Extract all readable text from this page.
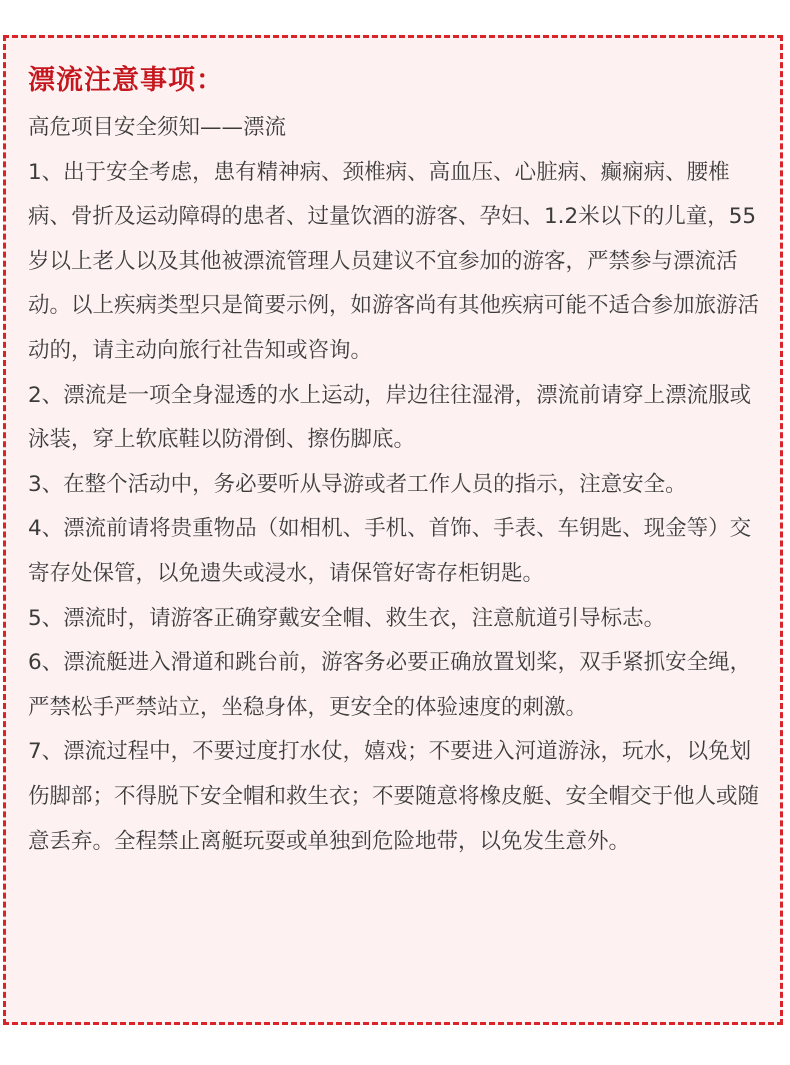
漂流注意事项：

高危项目安全须知——漂流

1、出于安全考虑，患有精神病、颈椎病、高血压、心脏病、癫痫病、腰椎病、骨折及运动障碍的患者、过量饮酒的游客、孕妇、1.2米以下的儿童，55岁以上老人以及其他被漂流管理人员建议不宜参加的游客，严禁参与漂流活动。以上疾病类型只是简要示例，如游客尚有其他疾病可能不适合参加旅游活动的，请主动向旅行社告知或咨询。

2、漂流是一项全身湿透的水上运动，岸边往往湿滑，漂流前请穿上漂流服或泳装，穿上软底鞋以防滑倒、擦伤脚底。

3、在整个活动中，务必要听从导游或者工作人员的指示，注意安全。

4、漂流前请将贵重物品（如相机、手机、首饰、手表、车钥匙、现金等）交寄存处保管，以免遗失或浸水，请保管好寄存柜钥匙。

5、漂流时，请游客正确穿戴安全帽、救生衣，注意航道引导标志。

6、漂流艇进入滑道和跳台前，游客务必要正确放置划桨，双手紧抓安全绳，严禁松手严禁站立，坐稳身体，更安全的体验速度的刺激。

7、漂流过程中，不要过度打水仗，嬉戏；不要进入河道游泳，玩水，以免划伤脚部；不得脱下安全帽和救生衣；不要随意将橡皮艇、安全帽交于他人或随意丢弃。全程禁止离艇玩耍或单独到危险地带，以免发生意外。
